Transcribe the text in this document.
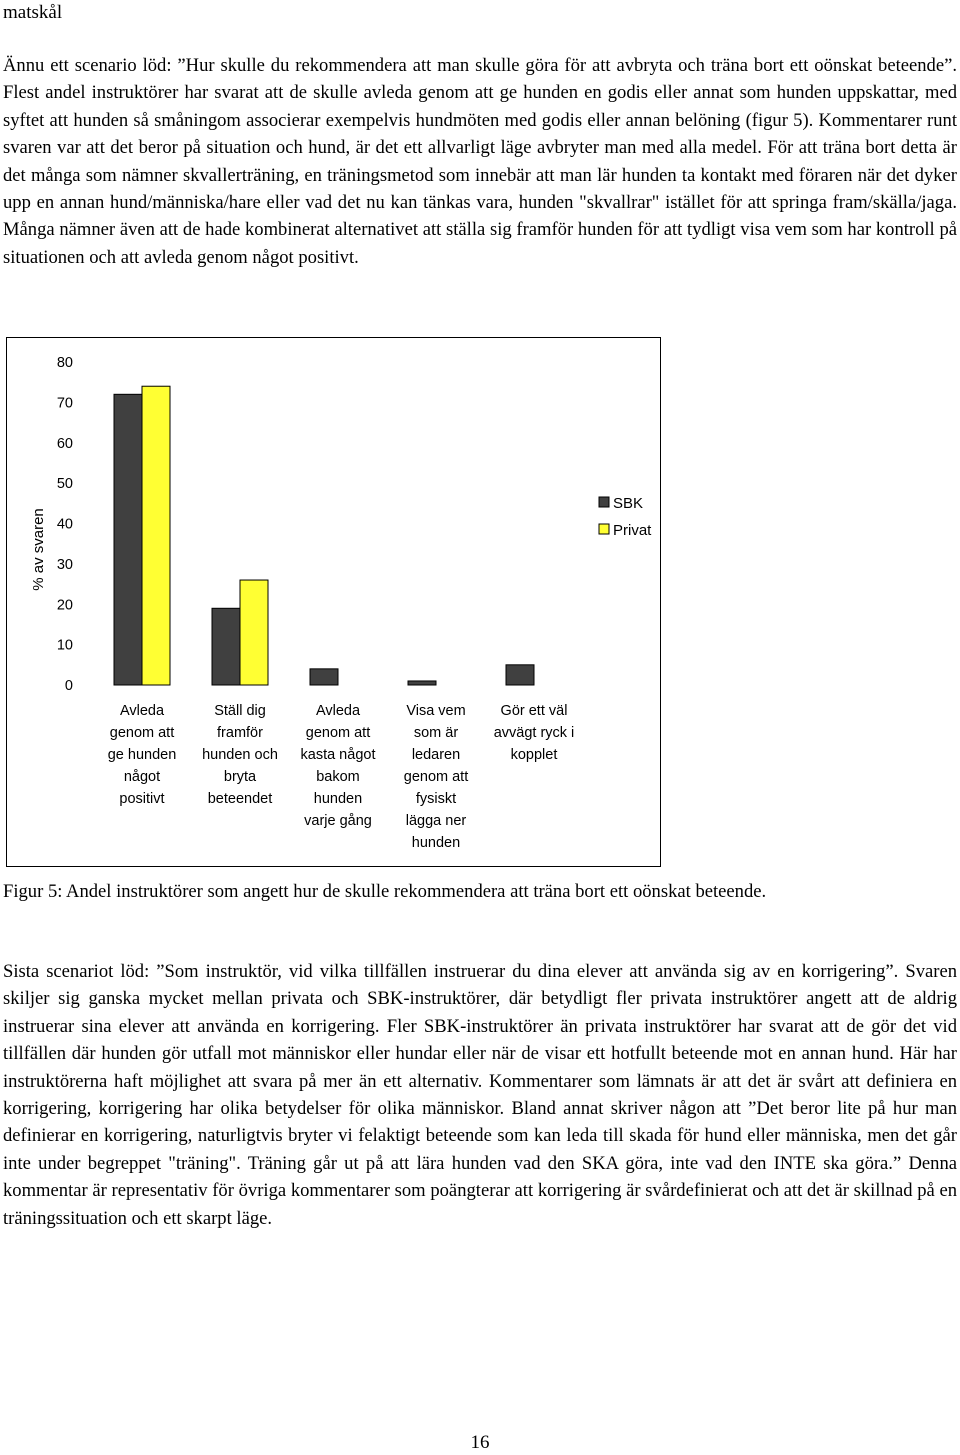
matskål

Ännu ett scenario löd: ”Hur skulle du rekommendera att man skulle göra för att avbryta och träna bort ett oönskat beteende”. Flest andel instruktörer har svarat att de skulle avleda genom att ge hunden en godis eller annat som hunden uppskattar, med syftet att hunden så småningom associerar exempelvis hundmöten med godis eller annan belöning (figur 5). Kommentarer runt svaren var att det beror på situation och hund, är det ett allvarligt läge avbryter man med alla medel. För att träna bort detta är det många som nämner skvallerträning, en träningsmetod som innebär att man lär hunden ta kontakt med föraren när det dyker upp en annan hund/människa/hare eller vad det nu kan tänkas vara, hunden "skvallrar" istället för att springa fram/skälla/jaga. Många nämner även att de hade kombinerat alternativet att ställa sig framför hunden för att tydligt visa vem som har kontroll på situationen och att avleda genom något positivt.

0
10
20
30
40
50
60
70
80
% av svaren
Avleda
genom att
ge hunden
något
positivt
Ställ dig
framför
hunden och
bryta
beteendet
Avleda
genom att
kasta något
bakom
hunden
varje gång
Visa vem
som är
ledaren
genom att
fysiskt
lägga ner
hunden
Gör ett väl
avvägt ryck i
kopplet
SBK
Privat

Figur 5: Andel instruktörer som angett hur de skulle rekommendera att träna bort ett oönskat beteende.

Sista scenariot löd: ”Som instruktör, vid vilka tillfällen instruerar du dina elever att använda sig av en korrigering”. Svaren skiljer sig ganska mycket mellan privata och SBK-instruktörer, där betydligt fler privata instruktörer angett att de aldrig instruerar sina elever att använda en korrigering. Fler SBK-instruktörer än privata instruktörer har svarat att de gör det vid tillfällen där hunden gör utfall mot människor eller hundar eller när de visar ett hotfullt beteende mot en annan hund. Här har instruktörerna haft möjlighet att svara på mer än ett alternativ. Kommentarer som lämnats är att det är svårt att definiera en korrigering, korrigering har olika betydelser för olika människor. Bland annat skriver någon att ”Det beror lite på hur man definierar en korrigering, naturligtvis bryter vi felaktigt beteende som kan leda till skada för hund eller människa, men det går inte under begreppet "träning". Träning går ut på att lära hunden vad den SKA göra, inte vad den INTE ska göra.” Denna kommentar är representativ för övriga kommentarer som poängterar att korrigering är svårdefinierat och att det är skillnad på en träningssituation och ett skarpt läge.

16
